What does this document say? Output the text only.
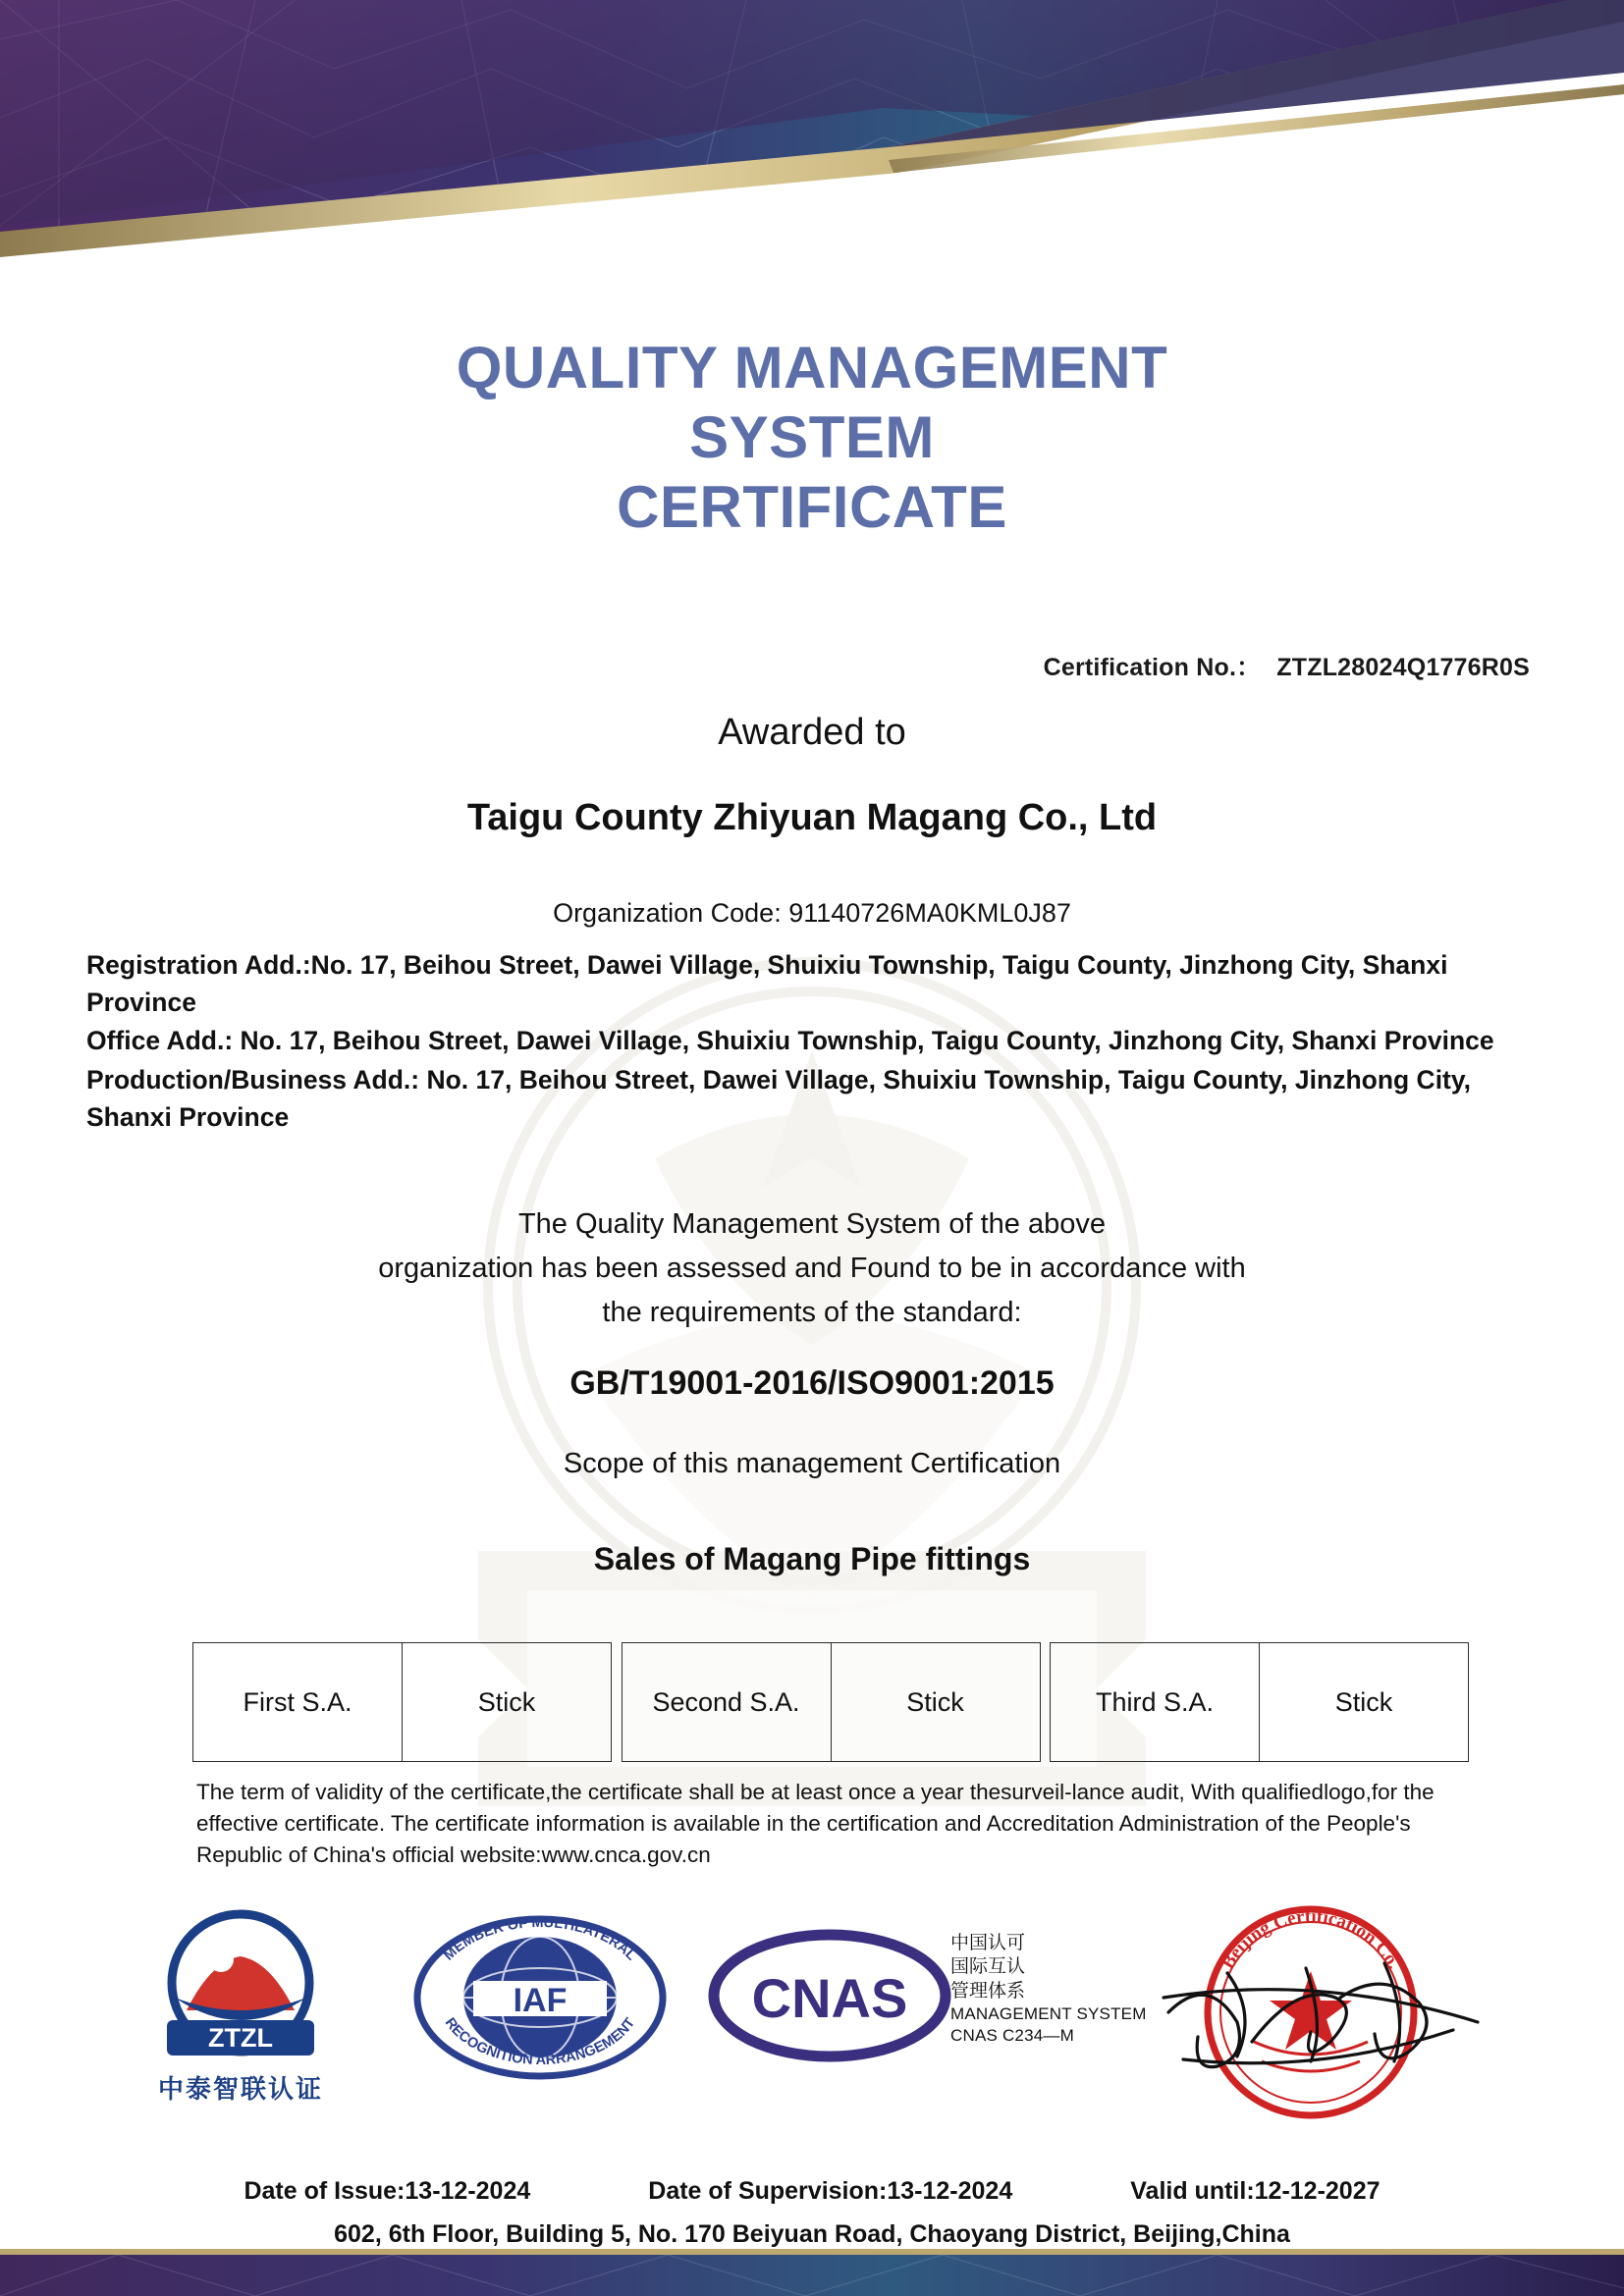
QUALITY MANAGEMENT
SYSTEM
CERTIFICATE
Certification No.： ZTZL28024Q1776R0S
Awarded to
Taigu County Zhiyuan Magang Co., Ltd
Organization Code: 91140726MA0KML0J87
Registration Add.:No. 17, Beihou Street, Dawei Village, Shuixiu Township, Taigu County, Jinzhong City, Shanxi Province
Office Add.: No. 17, Beihou Street, Dawei Village, Shuixiu Township, Taigu County, Jinzhong City, Shanxi Province
Production/Business Add.: No. 17, Beihou Street, Dawei Village, Shuixiu Township, Taigu County, Jinzhong City, Shanxi Province
The Quality Management System of the above
organization has been assessed and Found to be in accordance with
the requirements of the standard:
GB/T19001-2016/ISO9001:2015
Scope of this management Certification
Sales of Magang Pipe fittings
First S.A.	Stick	Second S.A.	Stick	Third S.A.	Stick
The term of validity of the certificate,the certificate shall be at least once a year thesurveil-lance audit, With qualifiedlogo,for the effective certificate. The certificate information is available in the certification and Accreditation Administration of the People's Republic of China's official website:www.cnca.gov.cn
ZTZL
中泰智联认证
IAF
MEMBER OF MULTILATERAL
RECOGNITION ARRANGEMENT CNAS
中国认可
国际互认
管理体系
MANAGEMENT SYSTEM
CNAS C234—M
Beijing Certification Co.
Date of Issue:13-12-2024	Date of Supervision:13-12-2024	Valid until:12-12-2027
602, 6th Floor, Building 5, No. 170 Beiyuan Road, Chaoyang District, Beijing,China
